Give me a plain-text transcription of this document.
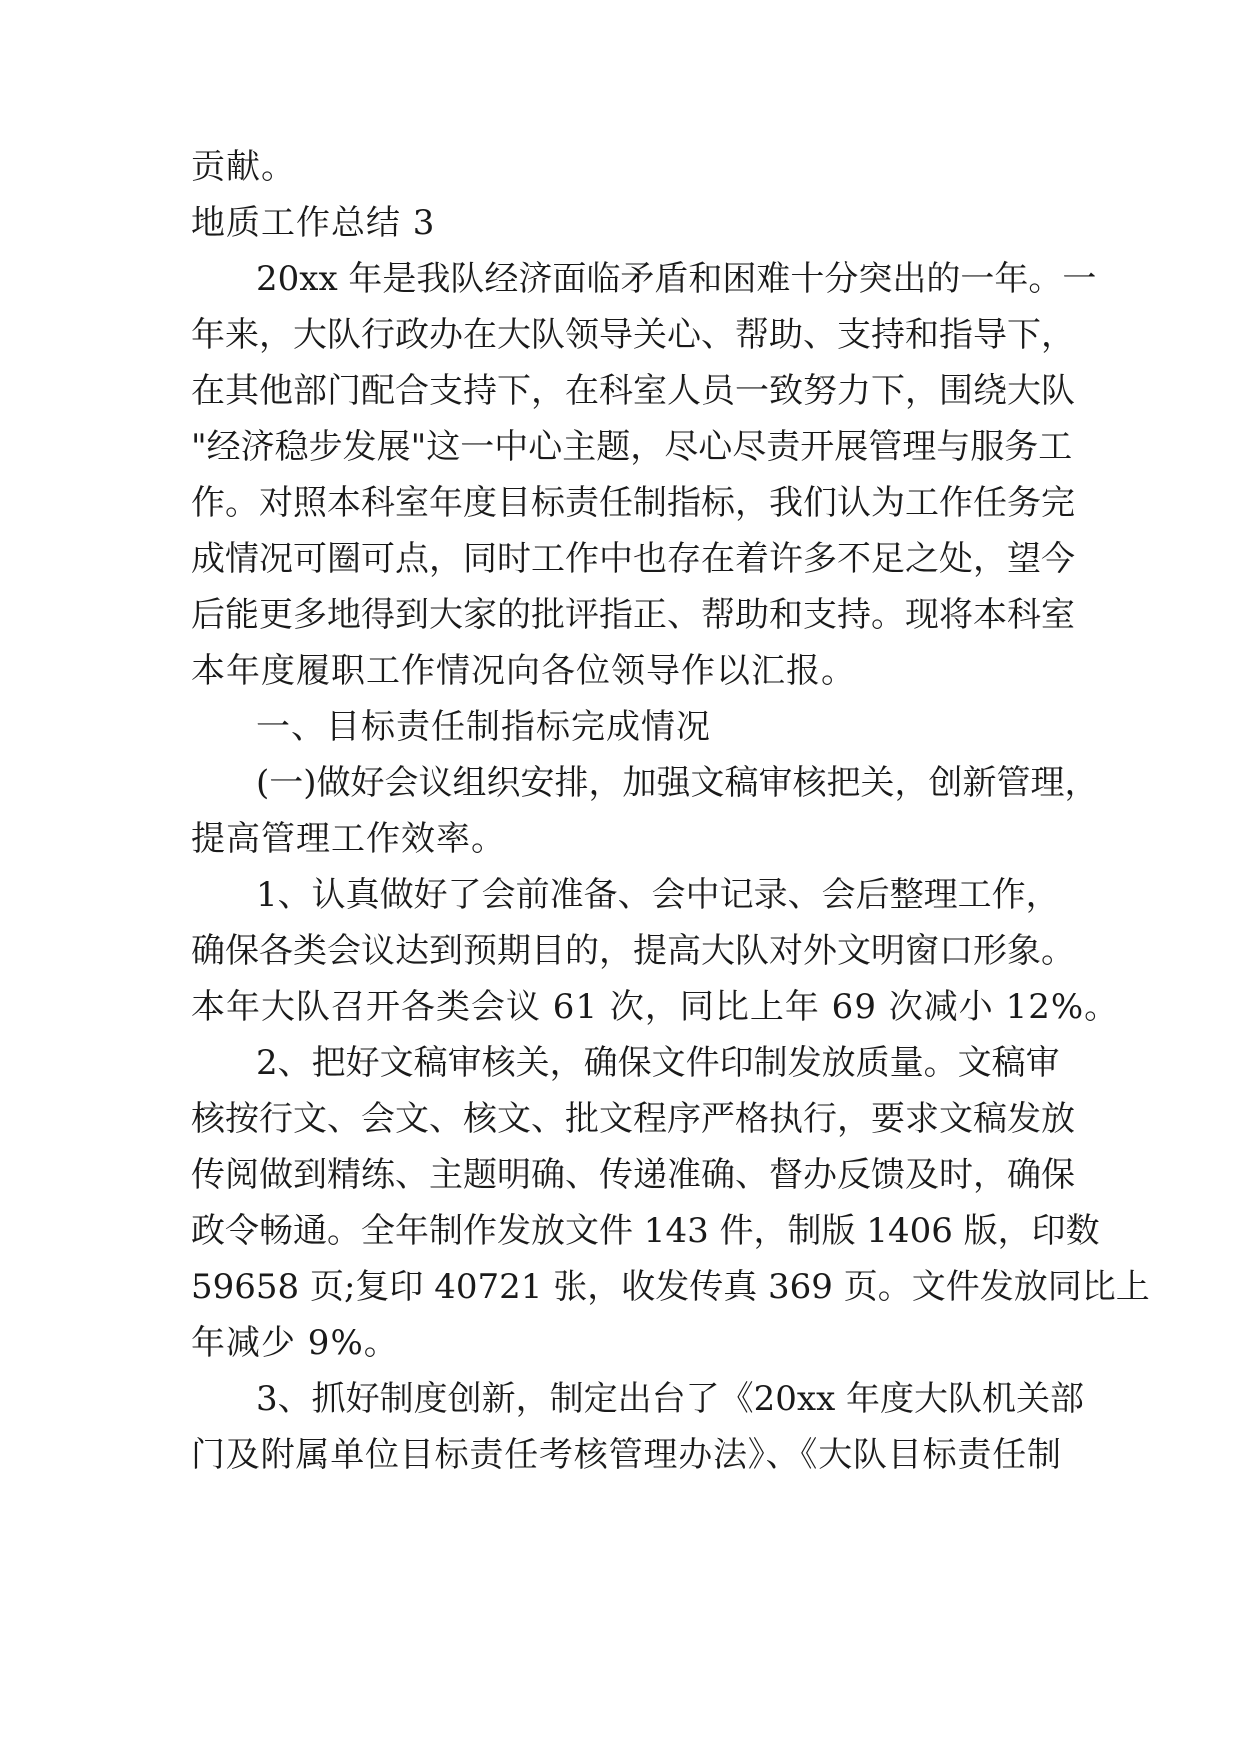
贡献。
地质工作总结 3
20xx 年是我队经济面临矛盾和困难十分突出的一年。一
年来，大队行政办在大队领导关心、帮助、支持和指导下，
在其他部门配合支持下，在科室人员一致努力下，围绕大队
"经济稳步发展"这一中心主题，尽心尽责开展管理与服务工
作。对照本科室年度目标责任制指标，我们认为工作任务完
成情况可圈可点，同时工作中也存在着许多不足之处，望今
后能更多地得到大家的批评指正、帮助和支持。现将本科室
本年度履职工作情况向各位领导作以汇报。
一、目标责任制指标完成情况
(一)做好会议组织安排，加强文稿审核把关，创新管理，
提高管理工作效率。
1、认真做好了会前准备、会中记录、会后整理工作，
确保各类会议达到预期目的，提高大队对外文明窗口形象。
本年大队召开各类会议 61 次，同比上年 69 次减小 12%。
2、把好文稿审核关，确保文件印制发放质量。文稿审
核按行文、会文、核文、批文程序严格执行，要求文稿发放
传阅做到精练、主题明确、传递准确、督办反馈及时，确保
政令畅通。全年制作发放文件 143 件，制版 1406 版，印数
59658 页;复印 40721 张，收发传真 369 页。文件发放同比上
年减少 9%。
3、抓好制度创新，制定出台了《20xx 年度大队机关部
门及附属单位目标责任考核管理办法》、《大队目标责任制
